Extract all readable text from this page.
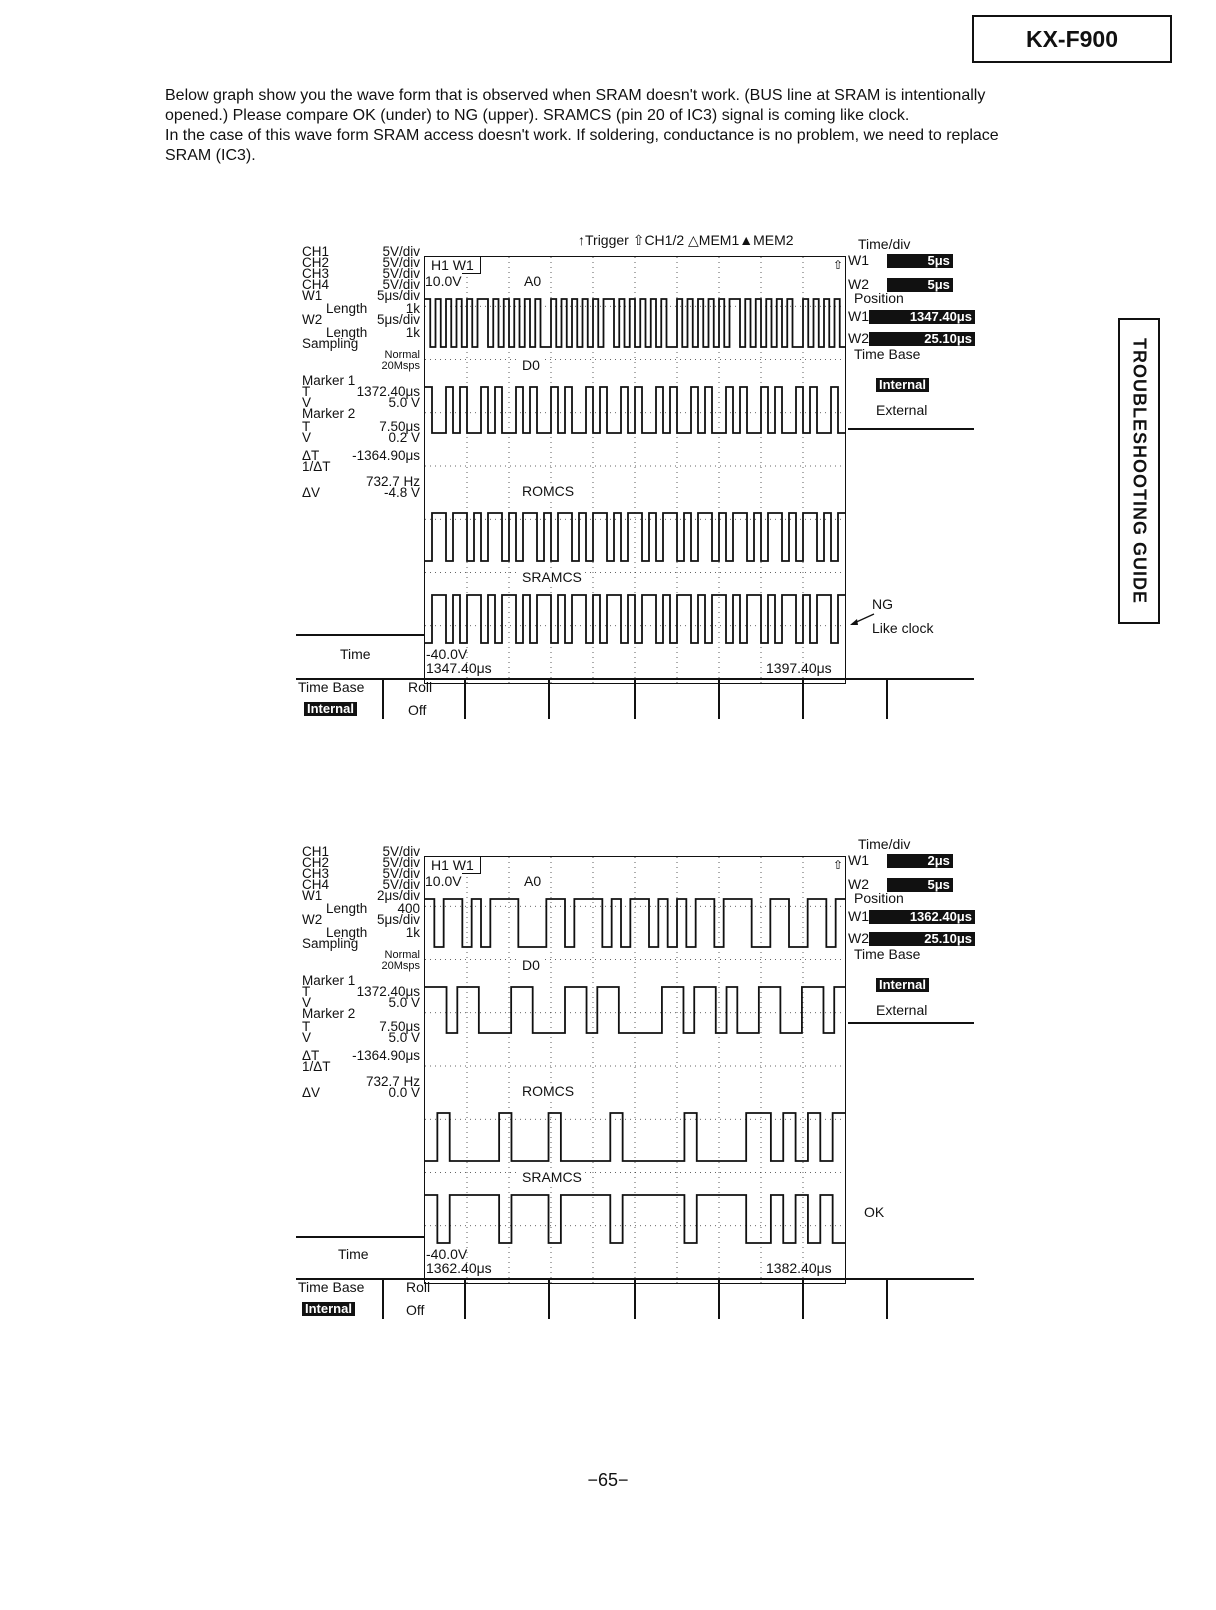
KX-F900

Below graph show you the wave form that is observed when SRAM doesn't work. (BUS line at SRAM is intentionally

opened.) Please compare OK (under) to NG (upper). SRAMCS (pin 20 of IC3) signal is coming like clock.

In the case of this wave form SRAM access doesn't work. If soldering, conductance is no problem, we need to replace

SRAM (IC3).

TROUBLESHOOTING GUIDE
↑Trigger ⇧CH1/2 △MEM1▲MEM2
CH1	5V/div
CH2	5V/div
CH3	5V/div
CH4	5V/div
W1	5μs/div
Length	1k
W2	5μs/div
Length	1k
Sampling
Normal
20Msps
Marker 1
T	1372.40μs
V	5.0 V
Marker 2
T	7.50μs
V	0.2 V
ΔT -1364.90μs
1/ΔT
732.7 Hz
ΔV	-4.8 V
⇧
H1 W1
10.0V	A0
D0
ROMCS
SRAMCS
Time/div
W1	5μs
W2	5μs
Position
W1	1347.40μs
W2	25.10μs
Time Base
Internal
External
Time	-40.0V
1347.40μs	1397.40μs
Time Base
Internal
Roll
Off
NG
Like clock
CH1	5V/div
CH2	5V/div
CH3	5V/div
CH4	5V/div
W1	2μs/div
Length 400
W2	5μs/div
Length	1k
Sampling
Normal
20Msps
Marker 1
T	1372.40μs
V	5.0 V
Marker 2
T	7.50μs
V	5.0 V
ΔT -1364.90μs
1/ΔT
732.7 Hz
ΔV	0.0 V
⇧
H1 W1
10.0V	A0
D0
ROMCS
SRAMCS
Time/div
W1	2μs
W2	5μs
Position
W1	1362.40μs
W2	25.10μs
Time Base
Internal
External
Time	-40.0V
1362.40μs	1382.40μs
Time Base
Internal
Roll
Off
OK
−65−
